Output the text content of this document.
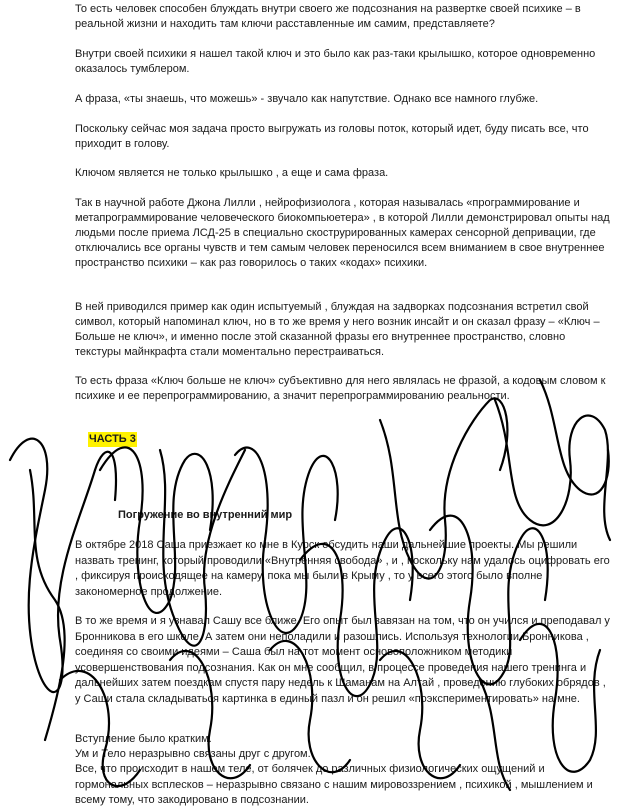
То есть человек способен блуждать внутри своего же подсознания на развертке своей психике – в реальной жизни и находить там ключи расставленные им самим, представляете?

Внутри своей психики я нашел такой ключ и это было как раз-таки крылышко, которое одновременно оказалось тумблером.

А фраза, «ты знаешь, что можешь» - звучало как напутствие. Однако все намного глубже.

Поскольку сейчас моя задача просто выгружать из головы поток, который идет, буду писать все, что приходит в голову.

Ключом является не только крылышко , а еще и сама фраза.

Так в научной работе Джона Лилли , нейрофизиолога , которая называлась «программирование и метапрограммирование человеческого биокомпьюетера» , в которой Лилли демонстрировал опыты над людьми после приема ЛСД-25 в специально скострурированных камерах сенсорной депривации, где отключались все органы чувств и тем самым человек переносился всем вниманием в свое внутреннее пространство психики – как раз говорилось о таких «кодах» психики.

В ней приводился пример как один испытуемый , блуждая на задворках подсознания встретил свой символ, который напоминал ключ, но в то же время у него возник инсайт и он сказал фразу – «Ключ – Больше не ключ», и именно после этой сказанной фразы его внутреннее пространство, словно текстуры майнкрафта стали моментально перестраиваться.

То есть фраза «Ключ больше не ключ» субъективно для него являлась не фразой, а кодовым словом к психике и ее перепрограммированию, а значит перепрограммированию реальности.

ЧАСТЬ 3

Погружение во внутренний мир

В октябре 2018 Саша приезжает ко мне в Курск обсудить наши дальнейшие проекты. Мы решили назвать тренинг, который проводили «Внутренняя свобода» , и , поскольку нам удалось оцифровать его , фиксируя происходящее на камеру, пока мы были в Крыму , то у всего этого было вполне закономерное продолжение.

В то же время и я узнавал Сашу все ближе. Его опыт был завязан на том, что он учился и преподавал у Бронникова в его школе. А затем они неполадили и разошлись. Используя технологии Бронникова , соединяя со своими идеями – Саша был на тот момент основоположником методики усовершенствования подсознания. Как он мне сообщил, в процессе проведения нашего тренинга и дальнейших затем поездкам спустя пару недель к Шаманам на Алтай , проведению глубоких обрядов , у Саши стала складываться картинка в единый пазл и он решил «поэкспериментировать» на мне.

Вступление было кратким.

Ум и Тело неразрывно связаны друг с другом.

Все, что происходит в нашем теле, от болячек до различных физиологических ощущений и гормональных всплесков – неразрывно связано с нашим мировоззрением , психикой , мышлением и всему тому, что закодировано в подсознании.
